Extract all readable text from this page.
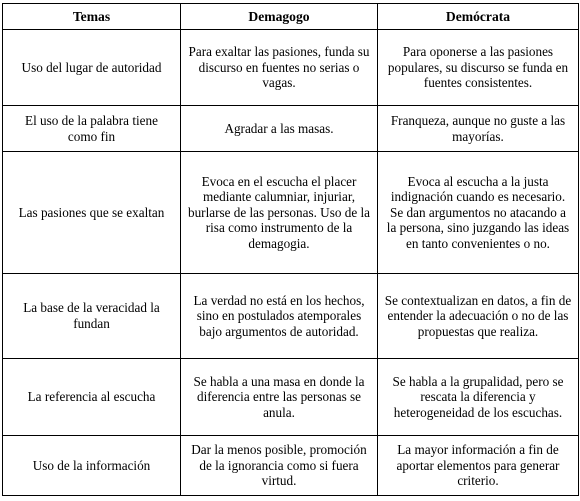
Temas	Demagogo	Demócrata
Uso del lugar de autoridad	Para exaltar las pasiones, funda su discurso en fuentes no serias o vagas.	Para oponerse a las pasiones populares, su discurso se funda en fuentes consistentes.
El uso de la palabra tiene como fin	Agradar a las masas.	Franqueza, aunque no guste a las mayorías.
Las pasiones que se exaltan	Evoca en el escucha el placer mediante calumniar, injuriar, burlarse de las personas. Uso de la risa como instrumento de la demagogia.	Evoca al escucha a la justa indignación cuando es necesario. Se dan argumentos no atacando a la persona, sino juzgando las ideas en tanto convenientes o no.
La base de la veracidad la fundan	La verdad no está en los hechos, sino en postulados atemporales bajo argumentos de autoridad.	Se contextualizan en datos, a fin de entender la adecuación o no de las propuestas que realiza.
La referencia al escucha	Se habla a una masa en donde la diferencia entre las personas se anula.	Se habla a la grupalidad, pero se rescata la diferencia y heterogeneidad de los escuchas.
Uso de la información	Dar la menos posible, promoción de la ignorancia como si fuera virtud.	La mayor información a fin de aportar elementos para generar criterio.
